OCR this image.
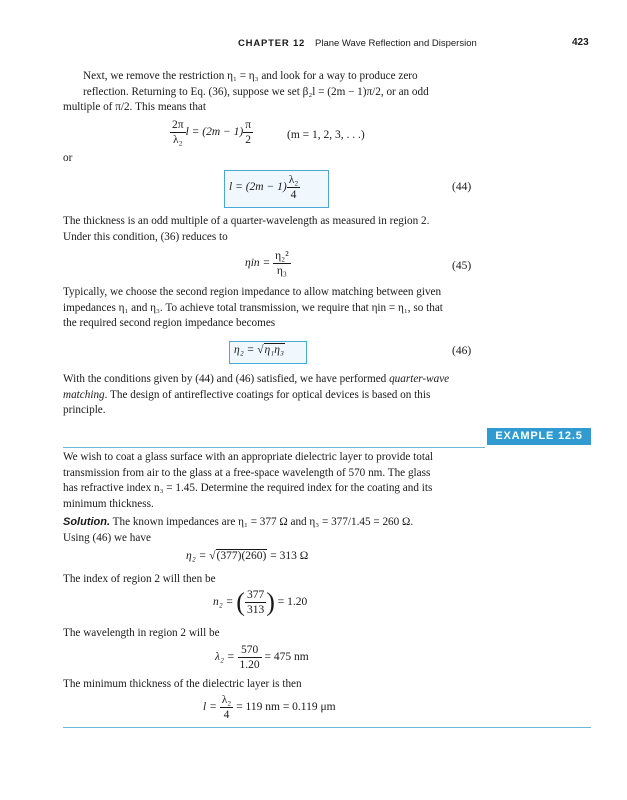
CHAPTER 12 Plane Wave Reflection and Dispersion	423
Next, we remove the restriction η₁ = η₃ and look for a way to produce zero
reflection. Returning to Eq. (36), suppose we set β₂l = (2m − 1)π/2, or an odd
multiple of π/2. This means that
$\frac{2\pi}{\text{λ₂}}$ $l = (2m - 1) \frac{\pi}{2}$	(m = 1, 2, 3, . . .)
or
$l = (2m - 1) \frac{\text{λ₂}}{4}$	(44)
The thickness is an odd multiple of a quarter-wavelength as measured in region 2.
Under this condition, (36) reduces to
$\eta in = \frac{\text{η₂²}}{\text{η₃}}$	(45)
Typically, we choose the second region impedance to allow matching between given
impedances η₁ and η₃. To achieve total transmission, we require that ηin = η₁, so that
the required second region impedance becomes
η₂ = √η₁η₃	(46)
With the conditions given by (44) and (46) satisfied, we have performed quarter-wave
matching. The design of antireflective coatings for optical devices is based on this
principle.
EXAMPLE 12.5
We wish to coat a glass surface with an appropriate dielectric layer to provide total
transmission from air to the glass at a free-space wavelength of 570 nm. The glass
has refractive index n₃ = 1.45. Determine the required index for the coating and its
minimum thickness.
Solution. The known impedances are η₁ = 377 Ω and η₃ = 377/1.45 = 260 Ω.
Using (46) we have
η₂ = √(377)(260) = 313 Ω
The index of region 2 will then be
n₂ = ( $\frac{377}{313}$ ) = 1.20
The wavelength in region 2 will be
$\lambda_2 = \frac{570}{1.20} = 475$ nm
The minimum thickness of the dielectric layer is then
$l = \frac{\text{λ₂}}{4} = 119$ nm = 0.119 μm
